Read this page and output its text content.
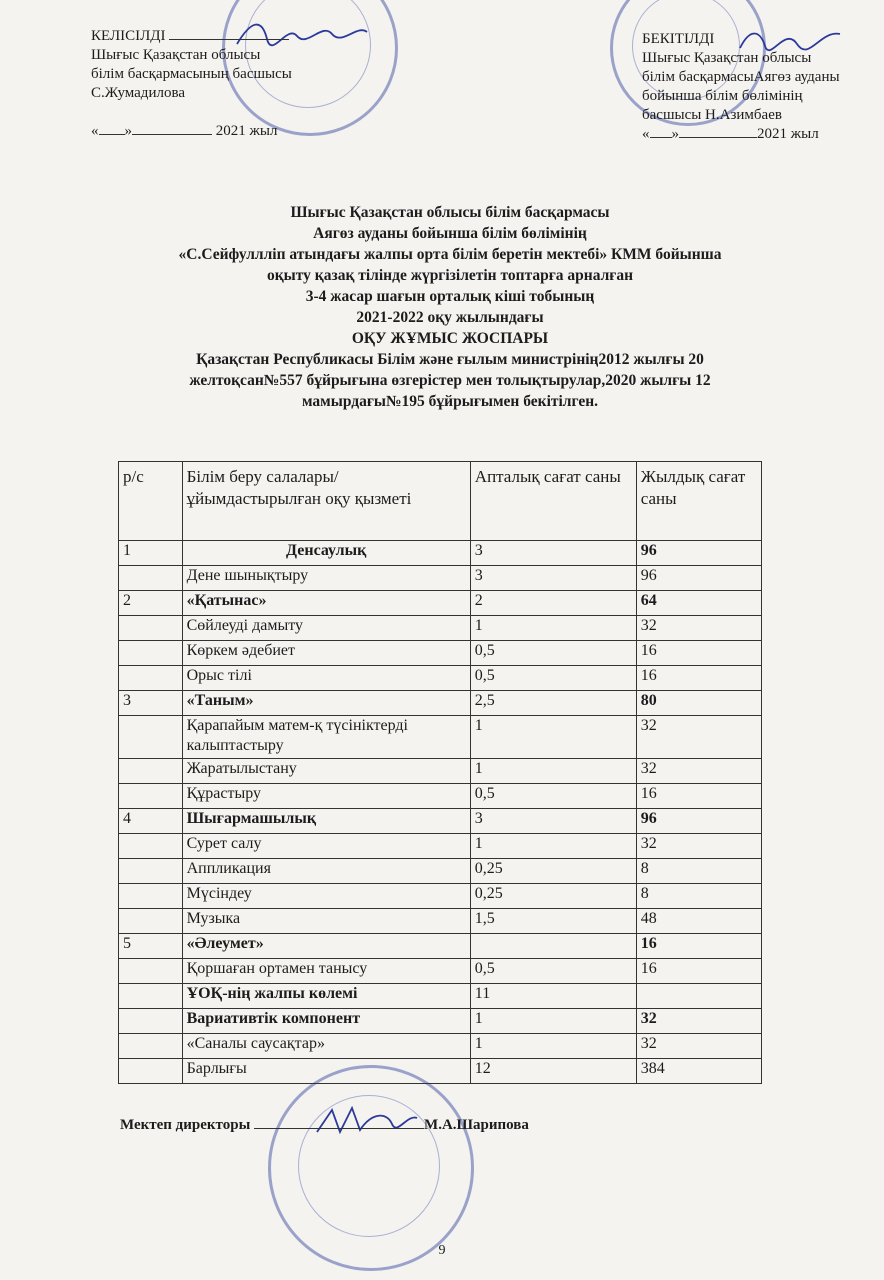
КЕЛІСІЛДІ
Шығыс Қазақстан облысы
білім басқармасының басшысы
С.Жумадилова
« »	2021 жыл
БЕКІТІЛДІ
Шығыс Қазақстан облысы
білім басқармасыАягөз ауданы
бойынша білім бөлімінің
басшысы Н.Азимбаев
« »	2021 жыл
Шығыс Қазақстан облысы білім басқармасы
Аягөз ауданы бойынша білім бөлімінің
«С.Сейфуллліп атындағы жалпы орта білім беретін мектебі» КММ бойынша
оқыту қазақ тілінде жүргізілетін топтарға арналған
3-4 жасар шағын орталық кіші тобының
2021-2022 оқу жылындағы
ОҚУ ЖҰМЫС ЖОСПАРЫ
Қазақстан Республикасы Білім және ғылым министрінің2012 жылғы 20
желтоқсан№557 бұйрығына өзгерістер мен толықтырулар,2020 жылғы 12
мамырдағы№195 бұйрығымен бекітілген.
р/с	Білім беру салалары/ұйымдастырылған оқу қызметі	Апталық сағат саны	Жылдық сағат саны
1	Денсаулық	3	96
	Дене шынықтыру	3	96
2	«Қатынас»	2	64
	Сөйлеуді дамыту	1	32
	Көркем әдебиет	0,5	16
	Орыс тілі	0,5	16
3	«Таным»	2,5	80
	Қарапайым матем-қ түсініктерді калыптастыру	1	32
	Жаратылыстану	1	32
	Құрастыру	0,5	16
4	Шығармашылық	3	96
	Сурет салу	1	32
	Аппликация	0,25	8
	Мүсіндеу	0,25	8
	Музыка	1,5	48
5	«Әлеумет»		16
	Қоршаған ортамен танысу	0,5	16
	ҰОҚ-нің жалпы көлемі	11	
	Вариативтік компонент	1	32
	«Саналы саусақтар»	1	32
	Барлығы	12	384
Мектеп директоры	М.А.Шарипова
9
